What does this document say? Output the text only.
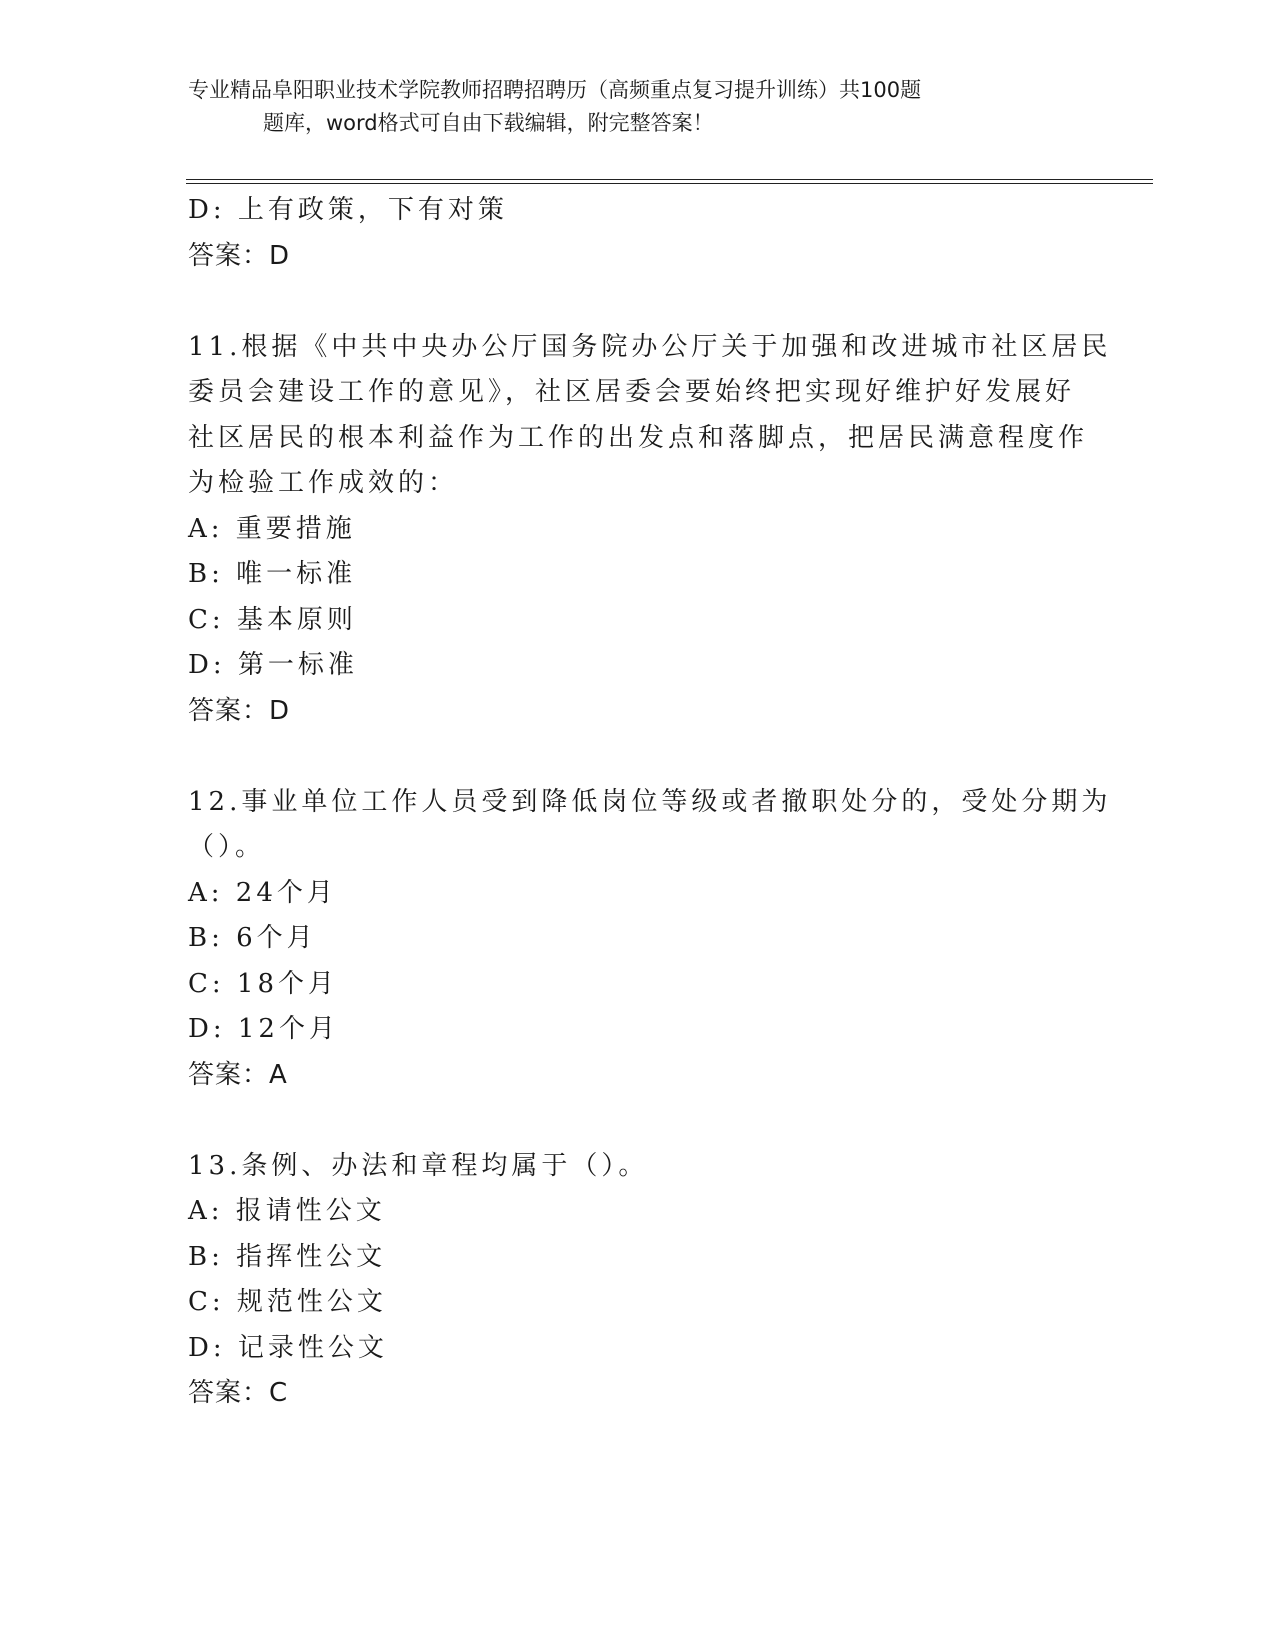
专业精品阜阳职业技术学院教师招聘招聘历（高频重点复习提升训练）共100题
题库，word格式可自由下载编辑，附完整答案！
D: 上有政策，下有对策
答案：D
11.根据《中共中央办公厅国务院办公厅关于加强和改进城市社区居民
委员会建设工作的意见》，社区居委会要始终把实现好维护好发展好
社区居民的根本利益作为工作的出发点和落脚点，把居民满意程度作
为检验工作成效的：
A: 重要措施
B: 唯一标准
C: 基本原则
D: 第一标准
答案：D
12.事业单位工作人员受到降低岗位等级或者撤职处分的，受处分期为
（）。
A: 24个月
B: 6个月
C: 18个月
D: 12个月
答案：A
13.条例、办法和章程均属于（）。
A: 报请性公文
B: 指挥性公文
C: 规范性公文
D: 记录性公文
答案：C
